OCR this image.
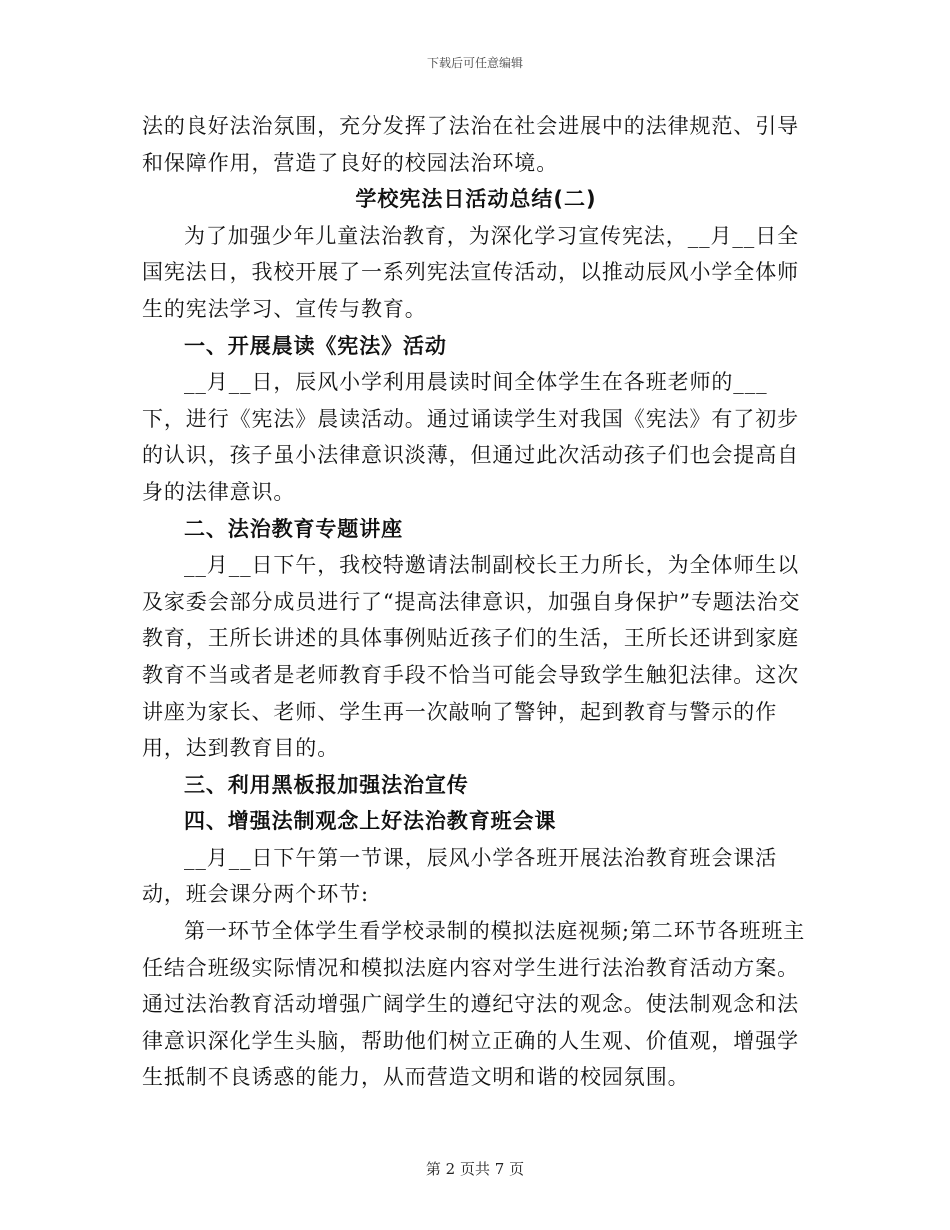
下载后可任意编辑

法的良好法治氛围，充分发挥了法治在社会进展中的法律规范、引导和保障作用，营造了良好的校园法治环境。

学校宪法日活动总结(二)

为了加强少年儿童法治教育，为深化学习宣传宪法，__月__日全国宪法日，我校开展了一系列宪法宣传活动，以推动辰风小学全体师生的宪法学习、宣传与教育。

一、开展晨读《宪法》活动

__月__日，辰风小学利用晨读时间全体学生在各班老师的___下，进行《宪法》晨读活动。通过诵读学生对我国《宪法》有了初步的认识，孩子虽小法律意识淡薄，但通过此次活动孩子们也会提高自身的法律意识。

二、法治教育专题讲座

__月__日下午，我校特邀请法制副校长王力所长，为全体师生以及家委会部分成员进行了“提高法律意识，加强自身保护”专题法治交教育，王所长讲述的具体事例贴近孩子们的生活，王所长还讲到家庭教育不当或者是老师教育手段不恰当可能会导致学生触犯法律。这次讲座为家长、老师、学生再一次敲响了警钟，起到教育与警示的作用，达到教育目的。

三、利用黑板报加强法治宣传

四、增强法制观念上好法治教育班会课

__月__日下午第一节课，辰风小学各班开展法治教育班会课活动，班会课分两个环节:

第一环节全体学生看学校录制的模拟法庭视频;第二环节各班班主任结合班级实际情况和模拟法庭内容对学生进行法治教育活动方案。通过法治教育活动增强广阔学生的遵纪守法的观念。使法制观念和法律意识深化学生头脑，帮助他们树立正确的人生观、价值观，增强学生抵制不良诱惑的能力，从而营造文明和谐的校园氛围。

第 2 页共 7 页
